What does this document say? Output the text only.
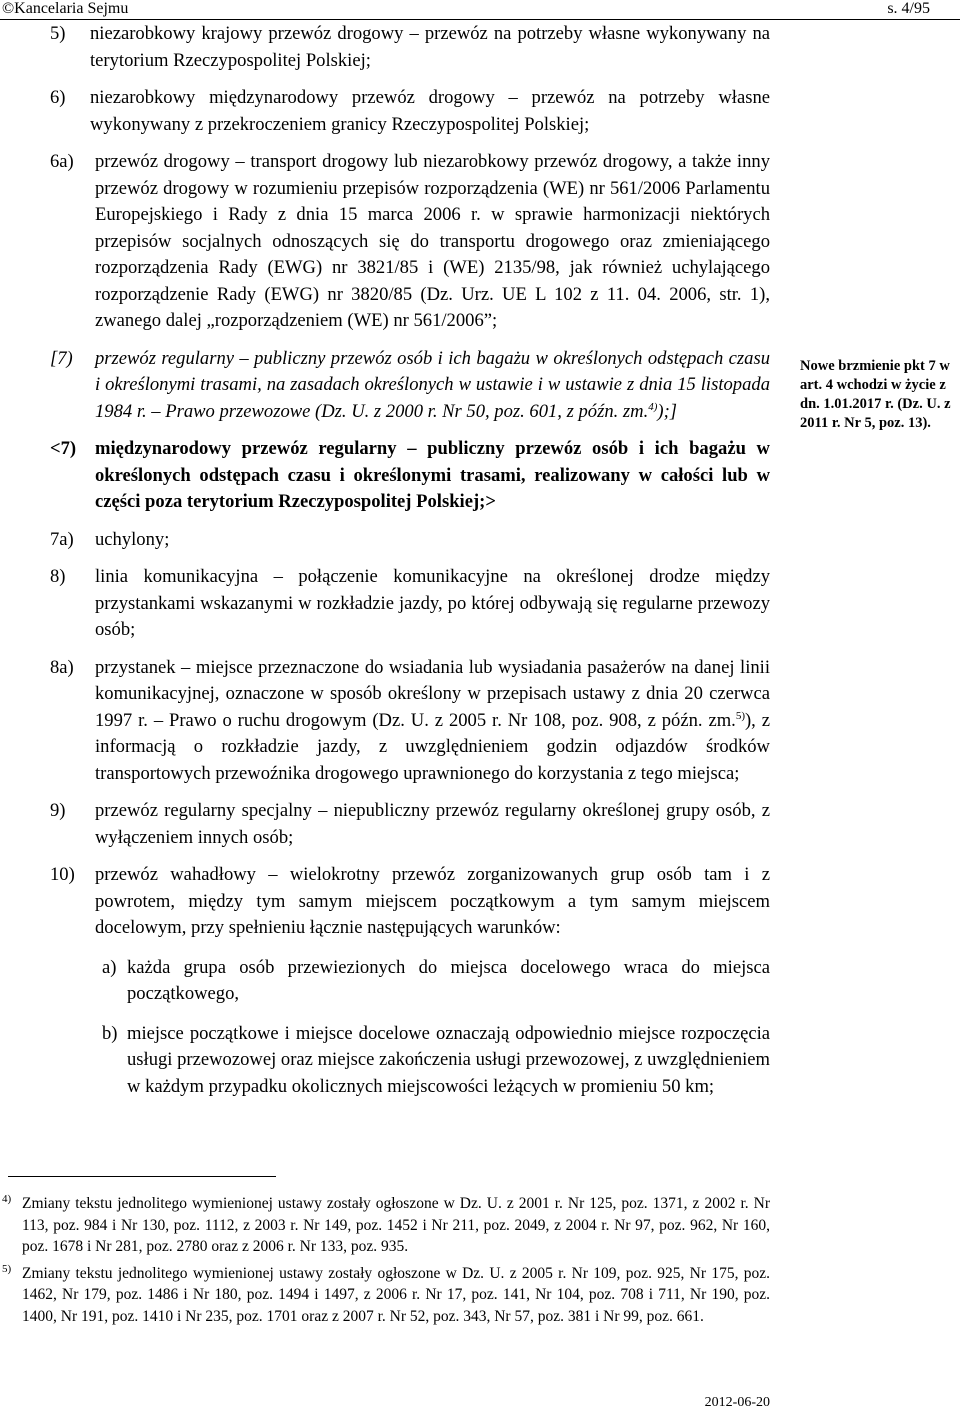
©Kancelaria Sejmu	s. 4/95
5) niezarobkowy krajowy przewóz drogowy – przewóz na potrzeby własne wykonywany na terytorium Rzeczypospolitej Polskiej;
6) niezarobkowy międzynarodowy przewóz drogowy – przewóz na potrzeby własne wykonywany z przekroczeniem granicy Rzeczypospolitej Polskiej;
6a) przewóz drogowy – transport drogowy lub niezarobkowy przewóz drogowy, a także inny przewóz drogowy w rozumieniu przepisów rozporządzenia (WE) nr 561/2006 Parlamentu Europejskiego i Rady z dnia 15 marca 2006 r. w sprawie harmonizacji niektórych przepisów socjalnych odnoszących się do transportu drogowego oraz zmieniającego rozporządzenia Rady (EWG) nr 3821/85 i (WE) 2135/98, jak również uchylającego rozporządzenie Rady (EWG) nr 3820/85 (Dz. Urz. UE L 102 z 11. 04. 2006, str. 1), zwanego dalej „rozporządzeniem (WE) nr 561/2006”;
[7) przewóz regularny – publiczny przewóz osób i ich bagażu w określonych odstępach czasu i określonymi trasami, na zasadach określonych w ustawie i w ustawie z dnia 15 listopada 1984 r. – Prawo przewozowe (Dz. U. z 2000 r. Nr 50, poz. 601, z późn. zm.$^{4)}$);]
<7) międzynarodowy przewóz regularny – publiczny przewóz osób i ich bagażu w określonych odstępach czasu i określonymi trasami, realizowany w całości lub w części poza terytorium Rzeczypospolitej Polskiej;>
7a) uchylony;
8) linia komunikacyjna – połączenie komunikacyjne na określonej drodze między przystankami wskazanymi w rozkładzie jazdy, po której odbywają się regularne przewozy osób;
8a) przystanek – miejsce przeznaczone do wsiadania lub wysiadania pasażerów na danej linii komunikacyjnej, oznaczone w sposób określony w przepisach ustawy z dnia 20 czerwca 1997 r. – Prawo o ruchu drogowym (Dz. U. z 2005 r. Nr 108, poz. 908, z późn. zm.$^{5)}$), z informacją o rozkładzie jazdy, z uwzględnieniem godzin odjazdów środków transportowych przewoźnika drogowego uprawnionego do korzystania z tego miejsca;
9) przewóz regularny specjalny – niepubliczny przewóz regularny określonej grupy osób, z wyłączeniem innych osób;
10) przewóz wahadłowy – wielokrotny przewóz zorganizowanych grup osób tam i z powrotem, między tym samym miejscem początkowym a tym samym miejscem docelowym, przy spełnieniu łącznie następujących warunków:
a) każda grupa osób przewiezionych do miejsca docelowego wraca do miejsca początkowego,
b) miejsce początkowe i miejsce docelowe oznaczają odpowiednio miejsce rozpoczęcia usługi przewozowej oraz miejsce zakończenia usługi przewozowej, z uwzględnieniem w każdym przypadku okolicznych miejscowości leżących w promieniu 50 km;
Nowe brzmienie pkt 7 w art. 4 wchodzi w życie z dn. 1.01.2017 r. (Dz. U. z 2011 r. Nr 5, poz. 13).
4) Zmiany tekstu jednolitego wymienionej ustawy zostały ogłoszone w Dz. U. z 2001 r. Nr 125, poz. 1371, z 2002 r. Nr 113, poz. 984 i Nr 130, poz. 1112, z 2003 r. Nr 149, poz. 1452 i Nr 211, poz. 2049, z 2004 r. Nr 97, poz. 962, Nr 160, poz. 1678 i Nr 281, poz. 2780 oraz z 2006 r. Nr 133, poz. 935.
5) Zmiany tekstu jednolitego wymienionej ustawy zostały ogłoszone w Dz. U. z 2005 r. Nr 109, poz. 925, Nr 175, poz. 1462, Nr 179, poz. 1486 i Nr 180, poz. 1494 i 1497, z 2006 r. Nr 17, poz. 141, Nr 104, poz. 708 i 711, Nr 190, poz. 1400, Nr 191, poz. 1410 i Nr 235, poz. 1701 oraz z 2007 r. Nr 52, poz. 343, Nr 57, poz. 381 i Nr 99, poz. 661.
2012-06-20
